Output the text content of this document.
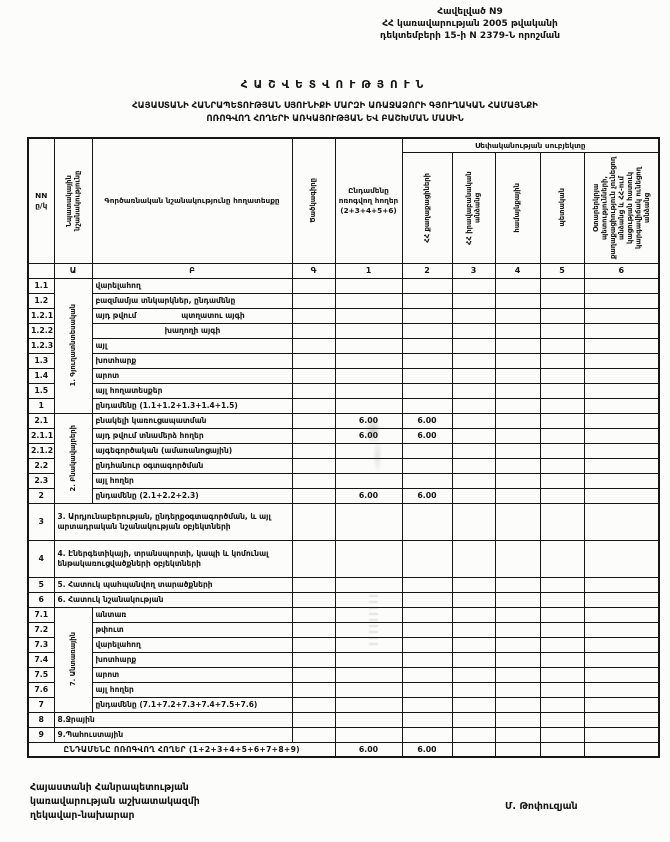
Հավելված N9
ՀՀ կառավարության 2005 թվականի
դեկտեմբերի 15-ի N 2379-Ն որոշման
ՀԱՇՎԵՏՎՈՒԹՅՈՒՆ
ՀԱՅԱՍՏԱՆԻ ՀԱՆՐԱՊԵՏՈՒԹՅԱՆ ՍՅՈՒՆԻՔԻ ՄԱՐԶԻ ԱՌԱՋԱՁՈՐԻ ԳՅՈՒՂԱԿԱՆ ՀԱՄԱՅՆՔԻ
ՈՌՈԳՎՈՂ ՀՈՂԵՐԻ ԱՌԿԱՅՈՒԹՅԱՆ ԵՎ ԲԱՇԽՄԱՆ ՄԱՍԻՆ
NN ը/կ	Նպատակային նշանակությունը	Գործառնական նշանակությունը հողատեսքը	Ծածկագիրը	Ընդամենը ոռոգվող հողեր (2+3+4+5+6)	Սեփականության սուբյեկտը				

					ՀՀ քաղաքացիների	ՀՀ իրավաբանական անձանց	համայնքային	պետական	Օտարերկրյա պետությունների, քաղաքացիություն չունեցող անձանց և ՀՀ-ում կացության հատուկ կարգավիճակ ունեցող անձանց

	Ա	Բ	Գ	1	2	3	4	5	6
1.1	1. Գյուղատնտեսական	վարելահող							
1.2		բազմամյա տնկարկներ, ընդամենը							
1.2.1		այդ թվում պտղատու այգի							

1.2.2		խաղողի այգի							

1.2.3		այլ							
1.3		խոտհարք							
1.4		արոտ							
1.5		այլ հողատեսքեր							
1		ընդամենը (1.1+1.2+1.3+1.4+1.5)							
2.1	2. Բնակավայրերի	բնակելի կառուցապատման		6.00	6.00				
2.1.1		այդ թվում տնամերձ հողեր		6.00	6.00				
2.1.2		այգեգործական (ամառանոցային)							
2.2		ընդհանուր օգտագործման							
2.3		այլ հողեր							
2		ընդամենը (2.1+2.2+2.3)		6.00	6.00				
3	3. Արդյունաբերության, ընդերքօգտագործման, և այլ արտադրական նշանակության օբյեկտների								
4	4. Էներգետիկայի, տրանսպորտի, կապի և կոմունալ ենթակառուցվածքների օբյեկտների								
5	5. Հատուկ պահպանվող տարածքների								
6	6. Հատուկ նշանակության								
7.1	7. Անտառային	անտառ							
7.2		թփուտ							
7.3		վարելահող							
7.4		խոտհարք							
7.5		արոտ							
7.6		այլ հողեր							
7		ընդամենը (7.1+7.2+7.3+7.4+7.5+7.6)							
8	8.Ջրային								
9	9.Պահուստային								
ԸՆԴԱՄԵՆԸ ՈՌՈԳՎՈՂ ՀՈՂԵՐ (1+2+3+4+5+6+7+8+9)				6.00	6.00				
Հայաստանի Հանրապետության
կառավարության աշխատակազմի
ղեկավար-նախարար
Մ. Թոփուզյան
